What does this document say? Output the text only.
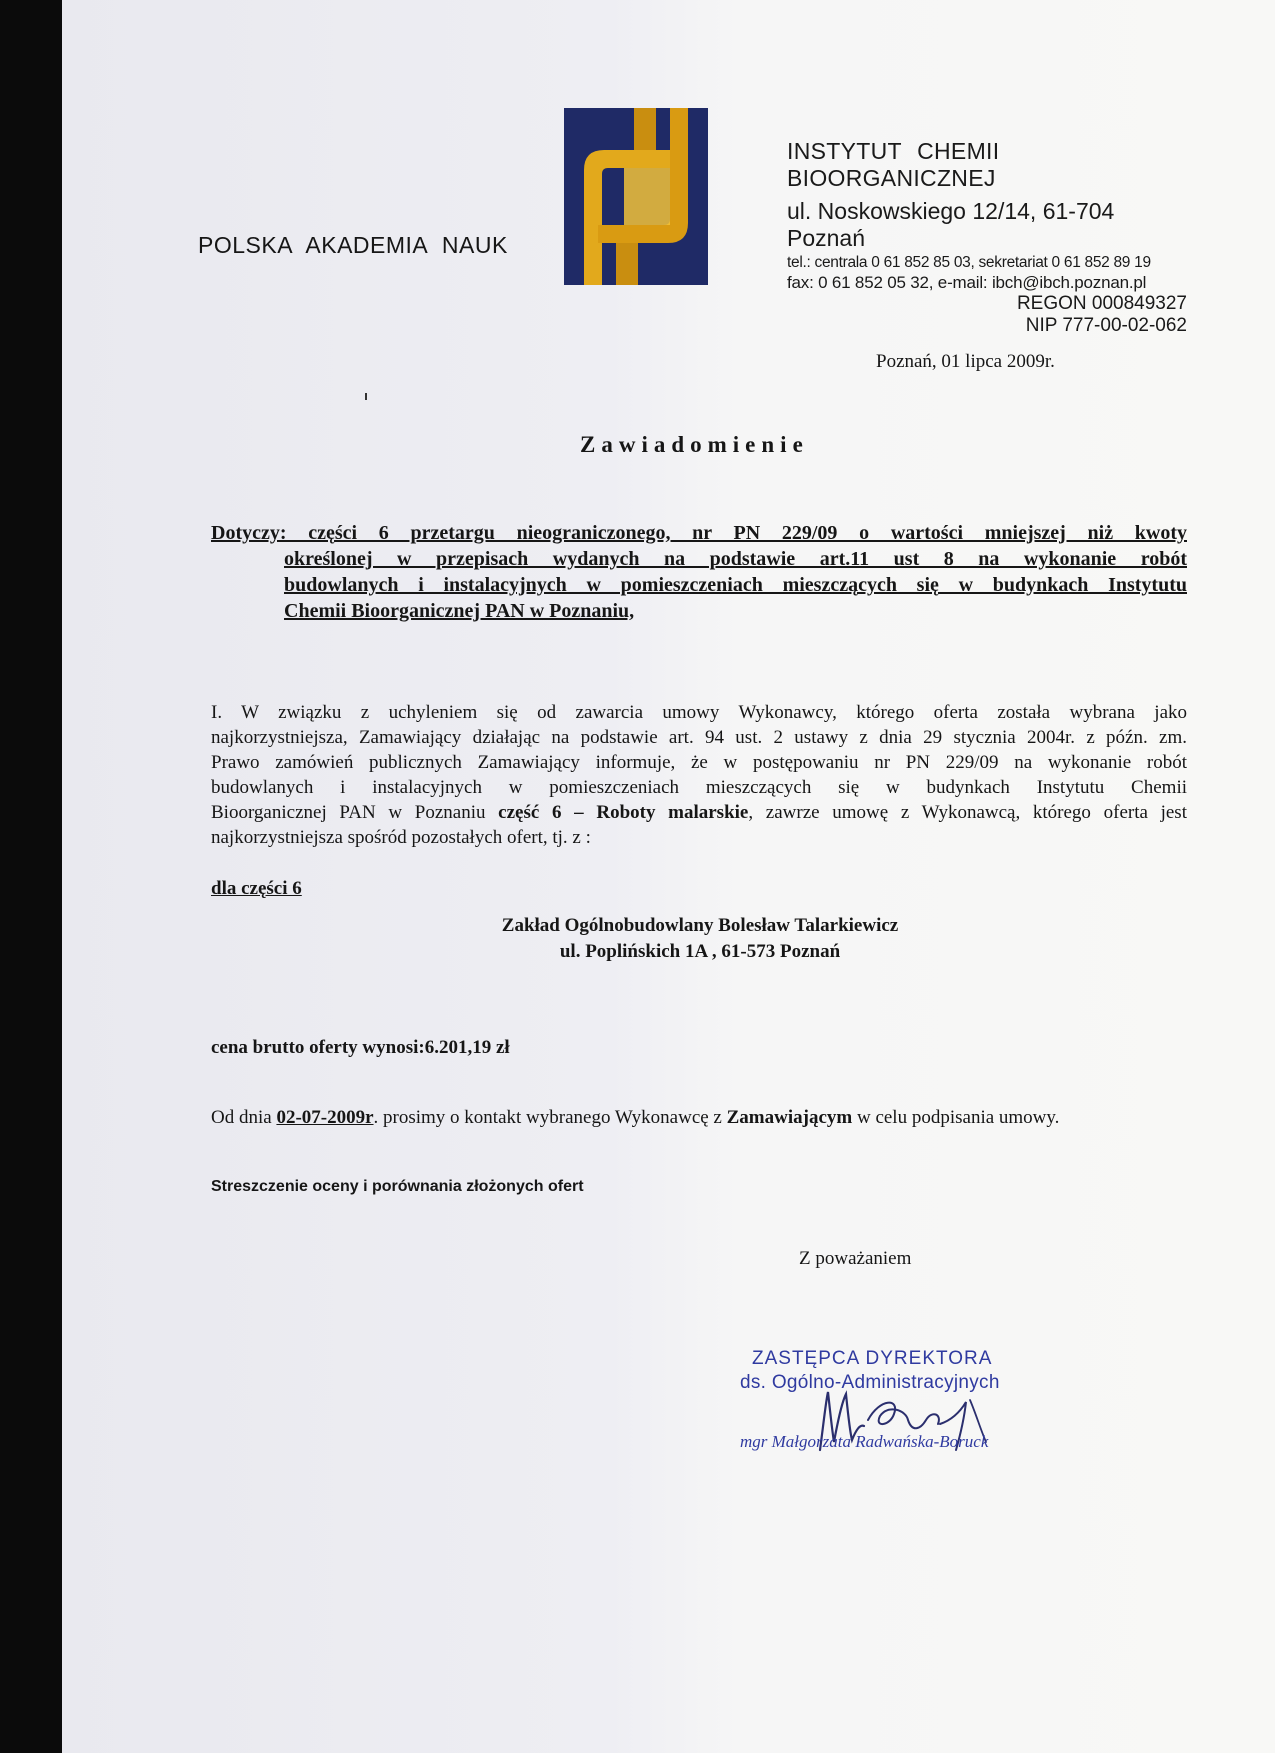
POLSKA AKADEMIA NAUK
INSTYTUT CHEMII BIOORGANICZNEJ
ul. Noskowskiego 12/14, 61-704 Poznań
tel.: centrala 0 61 852 85 03, sekretariat 0 61 852 89 19
fax: 0 61 852 05 32, e-mail: ibch@ibch.poznan.pl
REGON 000849327
NIP 777-00-02-062
Poznań, 01 lipca 2009r.
Zawiadomienie
Dotyczy: części 6 przetargu nieograniczonego, nr PN 229/09 o wartości mniejszej niż kwoty
określonej w przepisach wydanych na podstawie art.11 ust 8 na wykonanie robót
budowlanych i instalacyjnych w pomieszczeniach mieszczących się w budynkach Instytutu
Chemii Bioorganicznej PAN w Poznaniu,
I. W związku z uchyleniem się od zawarcia umowy Wykonawcy, którego oferta została wybrana jako
najkorzystniejsza, Zamawiający działając na podstawie art. 94 ust. 2 ustawy z dnia 29 stycznia 2004r. z późn. zm.
Prawo zamówień publicznych Zamawiający informuje, że w postępowaniu nr PN 229/09 na wykonanie robót
budowlanych i instalacyjnych w pomieszczeniach mieszczących się w budynkach Instytutu Chemii
Bioorganicznej PAN w Poznaniu część 6 – Roboty malarskie, zawrze umowę z Wykonawcą, którego oferta jest
najkorzystniejsza spośród pozostałych ofert, tj. z :
dla części 6
Zakład Ogólnobudowlany Bolesław Talarkiewicz
ul. Poplińskich 1A , 61-573 Poznań
cena brutto oferty wynosi:6.201,19 zł
Od dnia 02-07-2009r. prosimy o kontakt wybranego Wykonawcę z Zamawiającym w celu podpisania umowy.
Streszczenie oceny i porównania złożonych ofert
Z poważaniem
ZASTĘPCA DYREKTORA
ds. Ogólno-Administracyjnych
mgr Małgorzata Radwańska-Boruck
